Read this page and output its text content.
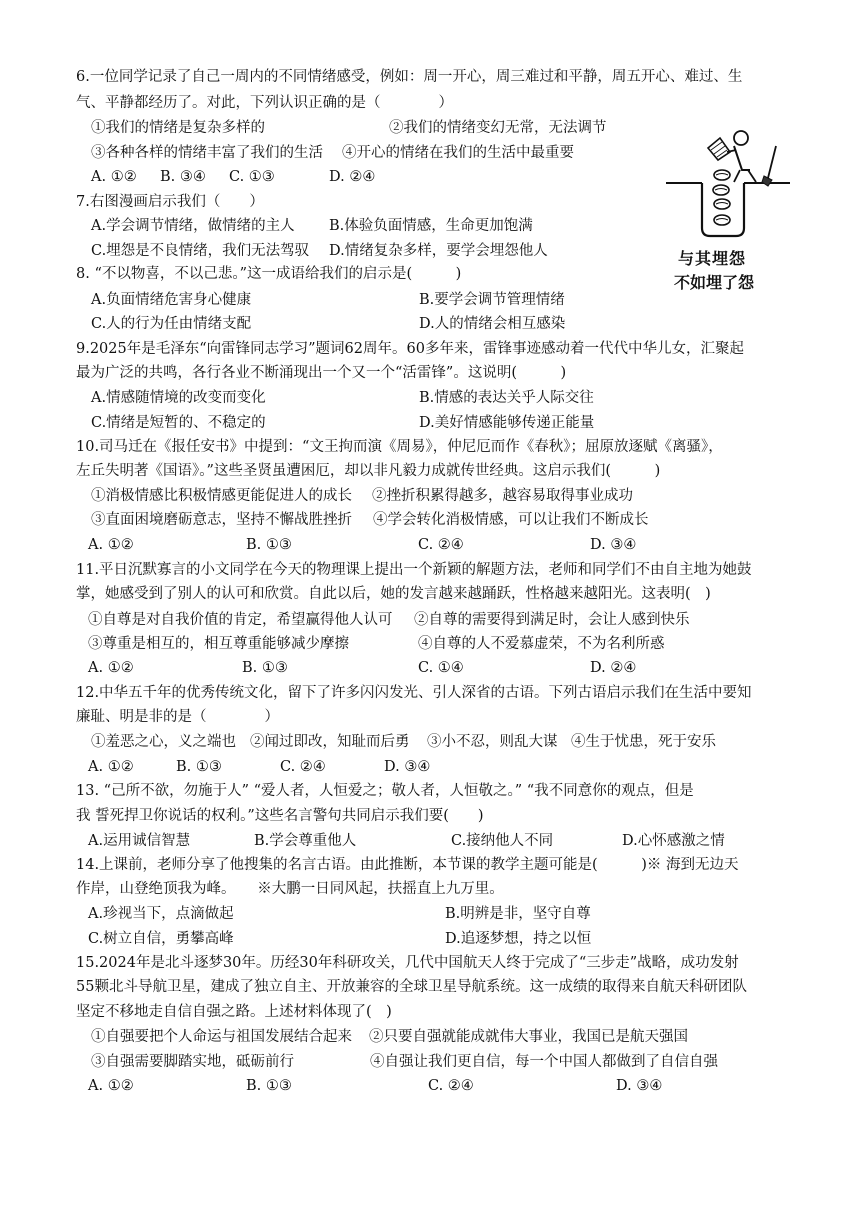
6.一位同学记录了自己一周内的不同情绪感受，例如：周一开心，周三难过和平静，周五开心、难过、生
气、平静都经历了。对此，下列认识正确的是（　　　　）
①我们的情绪是复杂多样的	②我们的情绪变幻无常，无法调节
③各种各样的情绪丰富了我们的生活 ④开心的情绪在我们的生活中最重要
A. ①② B. ③④ C. ①③	D. ②④
7.右图漫画启示我们（　　）
A.学会调节情绪，做情绪的主人 B.体验负面情感，生命更加饱满
C.埋怨是不良情绪，我们无法驾驭 D.情绪复杂多样，要学会埋怨他人
8. “不以物喜，不以己悲。”这一成语给我们的启示是(　　　)
A.负面情绪危害身心健康	B.要学会调节管理情绪
C.人的行为任由情绪支配	D.人的情绪会相互感染
9.2025年是毛泽东“向雷锋同志学习”题词62周年。60多年来，雷锋事迹感动着一代代中华儿女，汇聚起
最为广泛的共鸣，各行各业不断涌现出一个又一个“活雷锋”。这说明(　　　)
A.情感随情境的改变而变化	B.情感的表达关乎人际交往
C.情绪是短暂的、不稳定的	D.美好情感能够传递正能量
10.司马迁在《报任安书》中提到：“文王拘而演《周易》，仲尼厄而作《春秋》；屈原放逐赋《离骚》，
左丘失明著《国语》。”这些圣贤虽遭困厄，却以非凡毅力成就传世经典。这启示我们(　　　)
①消极情感比积极情感更能促进人的成长 ②挫折积累得越多，越容易取得事业成功
③直面困境磨砺意志，坚持不懈战胜挫折 ④学会转化消极情感，可以让我们不断成长
A. ①②	B. ①③	C. ②④	D. ③④
11.平日沉默寡言的小文同学在今天的物理课上提出一个新颖的解题方法，老师和同学们不由自主地为她鼓
掌，她感受到了别人的认可和欣赏。自此以后，她的发言越来越踊跃，性格越来越阳光。这表明(　)
①自尊是对自我价值的肯定，希望赢得他人认可 ②自尊的需要得到满足时，会让人感到快乐
③尊重是相互的，相互尊重能够减少摩擦	④自尊的人不爱慕虚荣，不为名利所惑
A. ①②	B. ①③	C. ①④	D. ②④
12.中华五千年的优秀传统文化，留下了许多闪闪发光、引人深省的古语。下列古语启示我们在生活中要知
廉耻、明是非的是（　　　　）
①羞恶之心，义之端也 ②闻过即改，知耻而后勇 ③小不忍，则乱大谋 ④生于忧患，死于安乐
A. ①②	B. ①③	C. ②④	D. ③④
13. “己所不欲，勿施于人” “爱人者，人恒爱之；敬人者，人恒敬之。” “我不同意你的观点，但是
我 誓死捍卫你说话的权利。”这些名言警句共同启示我们要(　　)
A.运用诚信智慧	B.学会尊重他人	C.接纳他人不同	D.心怀感激之情
14.上课前，老师分享了他搜集的名言古语。由此推断，本节课的教学主题可能是(　　　)※ 海到无边天
作岸，山登绝顶我为峰。　　※大鹏一日同风起，扶摇直上九万里。
A.珍视当下，点滴做起	B.明辨是非，坚守自尊
C.树立自信，勇攀高峰	D.追逐梦想，持之以恒
15.2024年是北斗逐梦30年。历经30年科研攻关，几代中国航天人终于完成了“三步走”战略，成功发射
55颗北斗导航卫星，建成了独立自主、开放兼容的全球卫星导航系统。这一成绩的取得来自航天科研团队
坚定不移地走自信自强之路。上述材料体现了(　)
①自强要把个人命运与祖国发展结合起来 ②只要自强就能成就伟大事业，我国已是航天强国
③自强需要脚踏实地，砥砺前行	④自强让我们更自信，每一个中国人都做到了自信自强
A. ①②	B. ①③	C. ②④	D. ③④
与其埋怨
不如埋了怨
